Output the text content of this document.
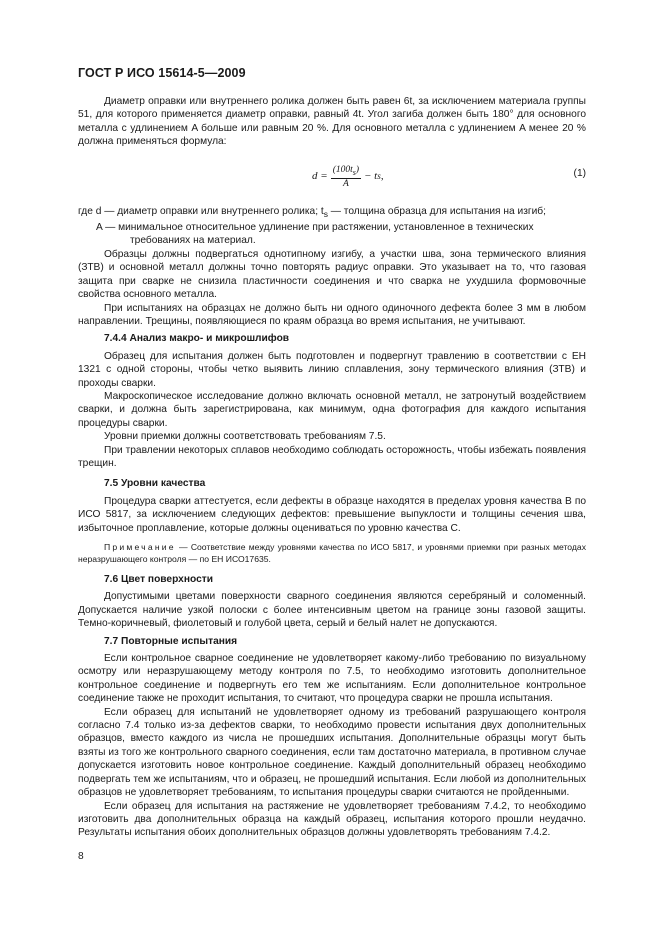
ГОСТ Р ИСО 15614-5—2009

Диаметр оправки или внутреннего ролика должен быть равен 6t, за исключением материала группы 51, для которого применяется диаметр оправки, равный 4t. Угол загиба должен быть 180° для основного металла с удлинением A больше или равным 20 %. Для основного металла с удлинением A менее 20 % должна применяться формула:

$d = \frac{(100t_s)}{A} - t$ s ,	(1)
где d — диаметр оправки или внутреннего ролика; $t_s$ — толщина образца для испытания на изгиб;
A — минимальное относительное удлинение при растяжении, установленное в технических требованиях на материал.

Образцы должны подвергаться однотипному изгибу, а участки шва, зона термического влияния (ЗТВ) и основной металл должны точно повторять радиус оправки. Это указывает на то, что газовая защита при сварке не снизила пластичности соединения и что сварка не ухудшила формовочные свойства основного металла.

При испытаниях на образцах не должно быть ни одного одиночного дефекта более 3 мм в любом направлении. Трещины, появляющиеся по краям образца во время испытания, не учитывают.

7.4.4 Анализ макро- и микрошлифов

Образец для испытания должен быть подготовлен и подвергнут травлению в соответствии с ЕН 1321 с одной стороны, чтобы четко выявить линию сплавления, зону термического влияния (ЗТВ) и проходы сварки.

Макроскопическое исследование должно включать основной металл, не затронутый воздействием сварки, и должна быть зарегистрирована, как минимум, одна фотография для каждого испытания процедуры сварки.

Уровни приемки должны соответствовать требованиям 7.5.

При травлении некоторых сплавов необходимо соблюдать осторожность, чтобы избежать появления трещин.

7.5 Уровни качества

Процедура сварки аттестуется, если дефекты в образце находятся в пределах уровня качества B по ИСО 5817, за исключением следующих дефектов: превышение выпуклости и толщины сечения шва, избыточное проплавление, которые должны оцениваться по уровню качества C.

Примечание — Соответствие между уровнями качества по ИСО 5817, и уровнями приемки при разных методах неразрушающего контроля — по ЕН ИСО17635.

7.6 Цвет поверхности

Допустимыми цветами поверхности сварного соединения являются серебряный и соломенный. Допускается наличие узкой полоски с более интенсивным цветом на границе зоны газовой защиты. Темно-коричневый, фиолетовый и голубой цвета, серый и белый налет не допускаются.

7.7 Повторные испытания

Если контрольное сварное соединение не удовлетворяет какому-либо требованию по визуальному осмотру или неразрушающему методу контроля по 7.5, то необходимо изготовить дополнительное контрольное соединение и подвергнуть его тем же испытаниям. Если дополнительное контрольное соединение также не проходит испытания, то считают, что процедура сварки не прошла испытания.

Если образец для испытаний не удовлетворяет одному из требований разрушающего контроля согласно 7.4 только из-за дефектов сварки, то необходимо провести испытания двух дополнительных образцов, вместо каждого из числа не прошедших испытания. Дополнительные образцы могут быть взяты из того же контрольного сварного соединения, если там достаточно материала, в противном случае допускается изготовить новое контрольное соединение. Каждый дополнительный образец необходимо подвергать тем же испытаниям, что и образец, не прошедший испытания. Если любой из дополнительных образцов не удовлетворяет требованиям, то испытания процедуры сварки считаются не пройденными.

Если образец для испытания на растяжение не удовлетворяет требованиям 7.4.2, то необходимо изготовить два дополнительных образца на каждый образец, испытания которого прошли неудачно. Результаты испытания обоих дополнительных образцов должны удовлетворять требованиям 7.4.2.

8
